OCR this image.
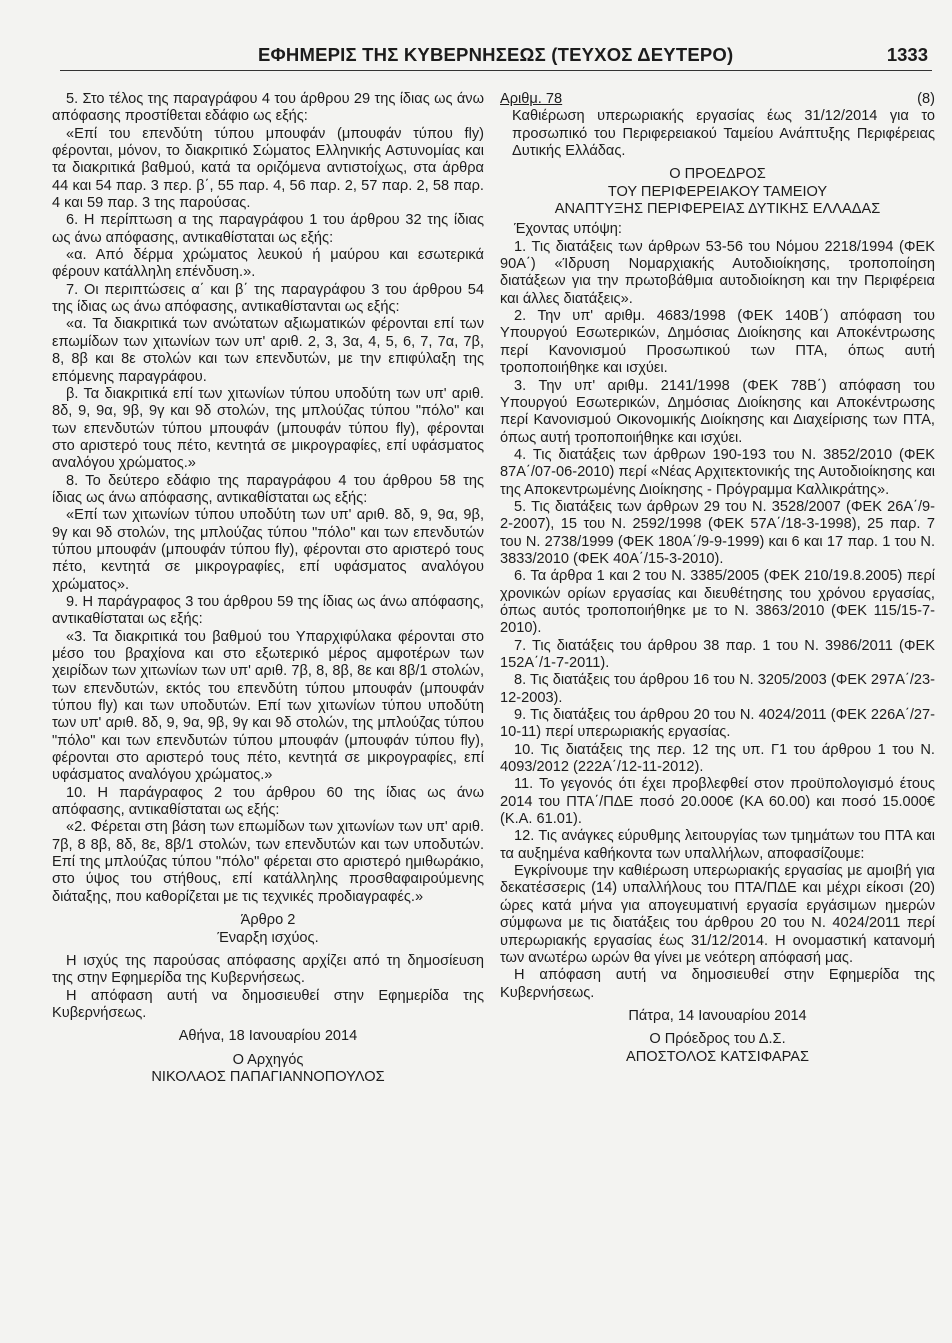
ΕΦΗΜΕΡΙΣ ΤΗΣ ΚΥΒΕΡΝΗΣΕΩΣ (ΤΕΥΧΟΣ ΔΕΥΤΕΡΟ)	1333

5. Στο τέλος της παραγράφου 4 του άρθρου 29 της ίδιας ως άνω απόφασης προστίθεται εδάφιο ως εξής:

«Επί του επενδύτη τύπου μπουφάν (μπουφάν τύπου fly) φέρονται, μόνον, το διακριτικό Σώματος Ελληνικής Αστυνομίας και τα διακριτικά βαθμού, κατά τα οριζόμενα αντιστοίχως, στα άρθρα 44 και 54 παρ. 3 περ. β΄, 55 παρ. 4, 56 παρ. 2, 57 παρ. 2, 58 παρ. 4 και 59 παρ. 3 της παρούσας.

6. Η περίπτωση α της παραγράφου 1 του άρθρου 32 της ίδιας ως άνω απόφασης, αντικαθίσταται ως εξής:

«α. Από δέρμα χρώματος λευκού ή μαύρου και εσωτερικά φέρουν κατάλληλη επένδυση.».

7. Οι περιπτώσεις α΄ και β΄ της παραγράφου 3 του άρθρου 54 της ίδιας ως άνω απόφασης, αντικαθίστανται ως εξής:

«α. Τα διακριτικά των ανώτατων αξιωματικών φέρονται επί των επωμίδων των χιτωνίων των υπ' αριθ. 2, 3, 3α, 4, 5, 6, 7, 7α, 7β, 8, 8β και 8ε στολών και των επενδυτών, με την επιφύλαξη της επόμενης παραγράφου.

β. Τα διακριτικά επί των χιτωνίων τύπου υποδύτη των υπ' αριθ. 8δ, 9, 9α, 9β, 9γ και 9δ στολών, της μπλούζας τύπου "πόλο" και των επενδυτών τύπου μπουφάν (μπουφάν τύπου fly), φέρονται στο αριστερό τους πέτο, κεντητά σε μικρογραφίες, επί υφάσματος αναλόγου χρώματος.»

8. Το δεύτερο εδάφιο της παραγράφου 4 του άρθρου 58 της ίδιας ως άνω απόφασης, αντικαθίσταται ως εξής:

«Επί των χιτωνίων τύπου υποδύτη των υπ' αριθ. 8δ, 9, 9α, 9β, 9γ και 9δ στολών, της μπλούζας τύπου "πόλο" και των επενδυτών τύπου μπουφάν (μπουφάν τύπου fly), φέρονται στο αριστερό τους πέτο, κεντητά σε μικρογραφίες, επί υφάσματος αναλόγου χρώματος».

9. Η παράγραφος 3 του άρθρου 59 της ίδιας ως άνω απόφασης, αντικαθίσταται ως εξής:

«3. Τα διακριτικά του βαθμού του Υπαρχιφύλακα φέρονται στο μέσο του βραχίονα και στο εξωτερικό μέρος αμφοτέρων των χειρίδων των χιτωνίων των υπ' αριθ. 7β, 8, 8β, 8ε και 8β/1 στολών, των επενδυτών, εκτός του επενδύτη τύπου μπουφάν (μπουφάν τύπου fly) και των υποδυτών. Επί των χιτωνίων τύπου υποδύτη των υπ' αριθ. 8δ, 9, 9α, 9β, 9γ και 9δ στολών, της μπλούζας τύπου "πόλο" και των επενδυτών τύπου μπουφάν (μπουφάν τύπου fly), φέρονται στο αριστερό τους πέτο, κεντητά σε μικρογραφίες, επί υφάσματος αναλόγου χρώματος.»

10. Η παράγραφος 2 του άρθρου 60 της ίδιας ως άνω απόφασης, αντικαθίσταται ως εξής:

«2. Φέρεται στη βάση των επωμίδων των χιτωνίων των υπ' αριθ. 7β, 8 8β, 8δ, 8ε, 8β/1 στολών, των επενδυτών και των υποδυτών. Επί της μπλούζας τύπου "πόλο" φέρεται στο αριστερό ημιθωράκιο, στο ύψος του στήθους, επί κατάλληλης προσθαφαιρούμενης διάταξης, που καθορίζεται με τις τεχνικές προδιαγραφές.»

Άρθρο 2

Έναρξη ισχύος.

Η ισχύς της παρούσας απόφασης αρχίζει από τη δημοσίευση της στην Εφημερίδα της Κυβερνήσεως.

Η απόφαση αυτή να δημοσιευθεί στην Εφημερίδα της Κυβερνήσεως.

Αθήνα, 18 Ιανουαρίου 2014

Ο Αρχηγός

ΝΙΚΟΛΑΟΣ ΠΑΠΑΓΙΑΝΝΟΠΟΥΛΟΣ

Αριθμ. 78	(8)

Καθιέρωση υπερωριακής εργασίας έως 31/12/2014 για το προσωπικό του Περιφερειακού Ταμείου Ανάπτυξης Περιφέρειας Δυτικής Ελλάδας.

Ο ΠΡΟΕΔΡΟΣ

ΤΟΥ ΠΕΡΙΦΕΡΕΙΑΚΟΥ ΤΑΜΕΙΟΥ

ΑΝΑΠΤΥΞΗΣ ΠΕΡΙΦΕΡΕΙΑΣ ΔΥΤΙΚΗΣ ΕΛΛΑΔΑΣ

Έχοντας υπόψη:

1. Τις διατάξεις των άρθρων 53-56 του Νόμου 2218/1994 (ΦΕΚ 90Α΄) «Ίδρυση Νομαρχιακής Αυτοδιοίκησης, τροποποίηση διατάξεων για την πρωτοβάθμια αυτοδιοίκηση και την Περιφέρεια και άλλες διατάξεις».

2. Την υπ' αριθμ. 4683/1998 (ΦΕΚ 140Β΄) απόφαση του Υπουργού Εσωτερικών, Δημόσιας Διοίκησης και Αποκέντρωσης περί Κανονισμού Προσωπικού των ΠΤΑ, όπως αυτή τροποποιήθηκε και ισχύει.

3. Την υπ' αριθμ. 2141/1998 (ΦΕΚ 78Β΄) απόφαση του Υπουργού Εσωτερικών, Δημόσιας Διοίκησης και Αποκέντρωσης περί Κανονισμού Οικονομικής Διοίκησης και Διαχείρισης των ΠΤΑ, όπως αυτή τροποποιήθηκε και ισχύει.

4. Τις διατάξεις των άρθρων 190-193 του Ν. 3852/2010 (ΦΕΚ 87Α΄/07-06-2010) περί «Νέας Αρχιτεκτονικής της Αυτοδιοίκησης και της Αποκεντρωμένης Διοίκησης - Πρόγραμμα Καλλικράτης».

5. Τις διατάξεις των άρθρων 29 του Ν. 3528/2007 (ΦΕΚ 26Α΄/9-2-2007), 15 του Ν. 2592/1998 (ΦΕΚ 57Α΄/18-3-1998), 25 παρ. 7 του Ν. 2738/1999 (ΦΕΚ 180Α΄/9-9-1999) και 6 και 17 παρ. 1 του Ν. 3833/2010 (ΦΕΚ 40Α΄/15-3-2010).

6. Τα άρθρα 1 και 2 του Ν. 3385/2005 (ΦΕΚ 210/19.8.2005) περί χρονικών ορίων εργασίας και διευθέτησης του χρόνου εργασίας, όπως αυτός τροποποιήθηκε με το Ν. 3863/2010 (ΦΕΚ 115/15-7-2010).

7. Τις διατάξεις του άρθρου 38 παρ. 1 του Ν. 3986/2011 (ΦΕΚ 152Α΄/1-7-2011).

8. Τις διατάξεις του άρθρου 16 του Ν. 3205/2003 (ΦΕΚ 297Α΄/23-12-2003).

9. Τις διατάξεις του άρθρου 20 του Ν. 4024/2011 (ΦΕΚ 226Α΄/27-10-11) περί υπερωριακής εργασίας.

10. Τις διατάξεις της περ. 12 της υπ. Γ1 του άρθρου 1 του Ν. 4093/2012 (222Α΄/12-11-2012).

11. Το γεγονός ότι έχει προβλεφθεί στον προϋπολογισμό έτους 2014 του ΠΤΑ΄/ΠΔΕ ποσό 20.000€ (ΚΑ 60.00) και ποσό 15.000€ (Κ.Α. 61.01).

12. Τις ανάγκες εύρυθμης λειτουργίας των τμημάτων του ΠΤΑ και τα αυξημένα καθήκοντα των υπαλλήλων, αποφασίζουμε:

Εγκρίνουμε την καθιέρωση υπερωριακής εργασίας με αμοιβή για δεκατέσσερις (14) υπαλλήλους του ΠΤΑ/ΠΔΕ και μέχρι είκοσι (20) ώρες κατά μήνα για απογευματινή εργασία εργάσιμων ημερών σύμφωνα με τις διατάξεις του άρθρου 20 του Ν. 4024/2011 περί υπερωριακής εργασίας έως 31/12/2014. Η ονομαστική κατανομή των ανωτέρω ωρών θα γίνει με νεότερη απόφασή μας.

Η απόφαση αυτή να δημοσιευθεί στην Εφημερίδα της Κυβερνήσεως.

Πάτρα, 14 Ιανουαρίου 2014

Ο Πρόεδρος του Δ.Σ.

ΑΠΟΣΤΟΛΟΣ ΚΑΤΣΙΦΑΡΑΣ
